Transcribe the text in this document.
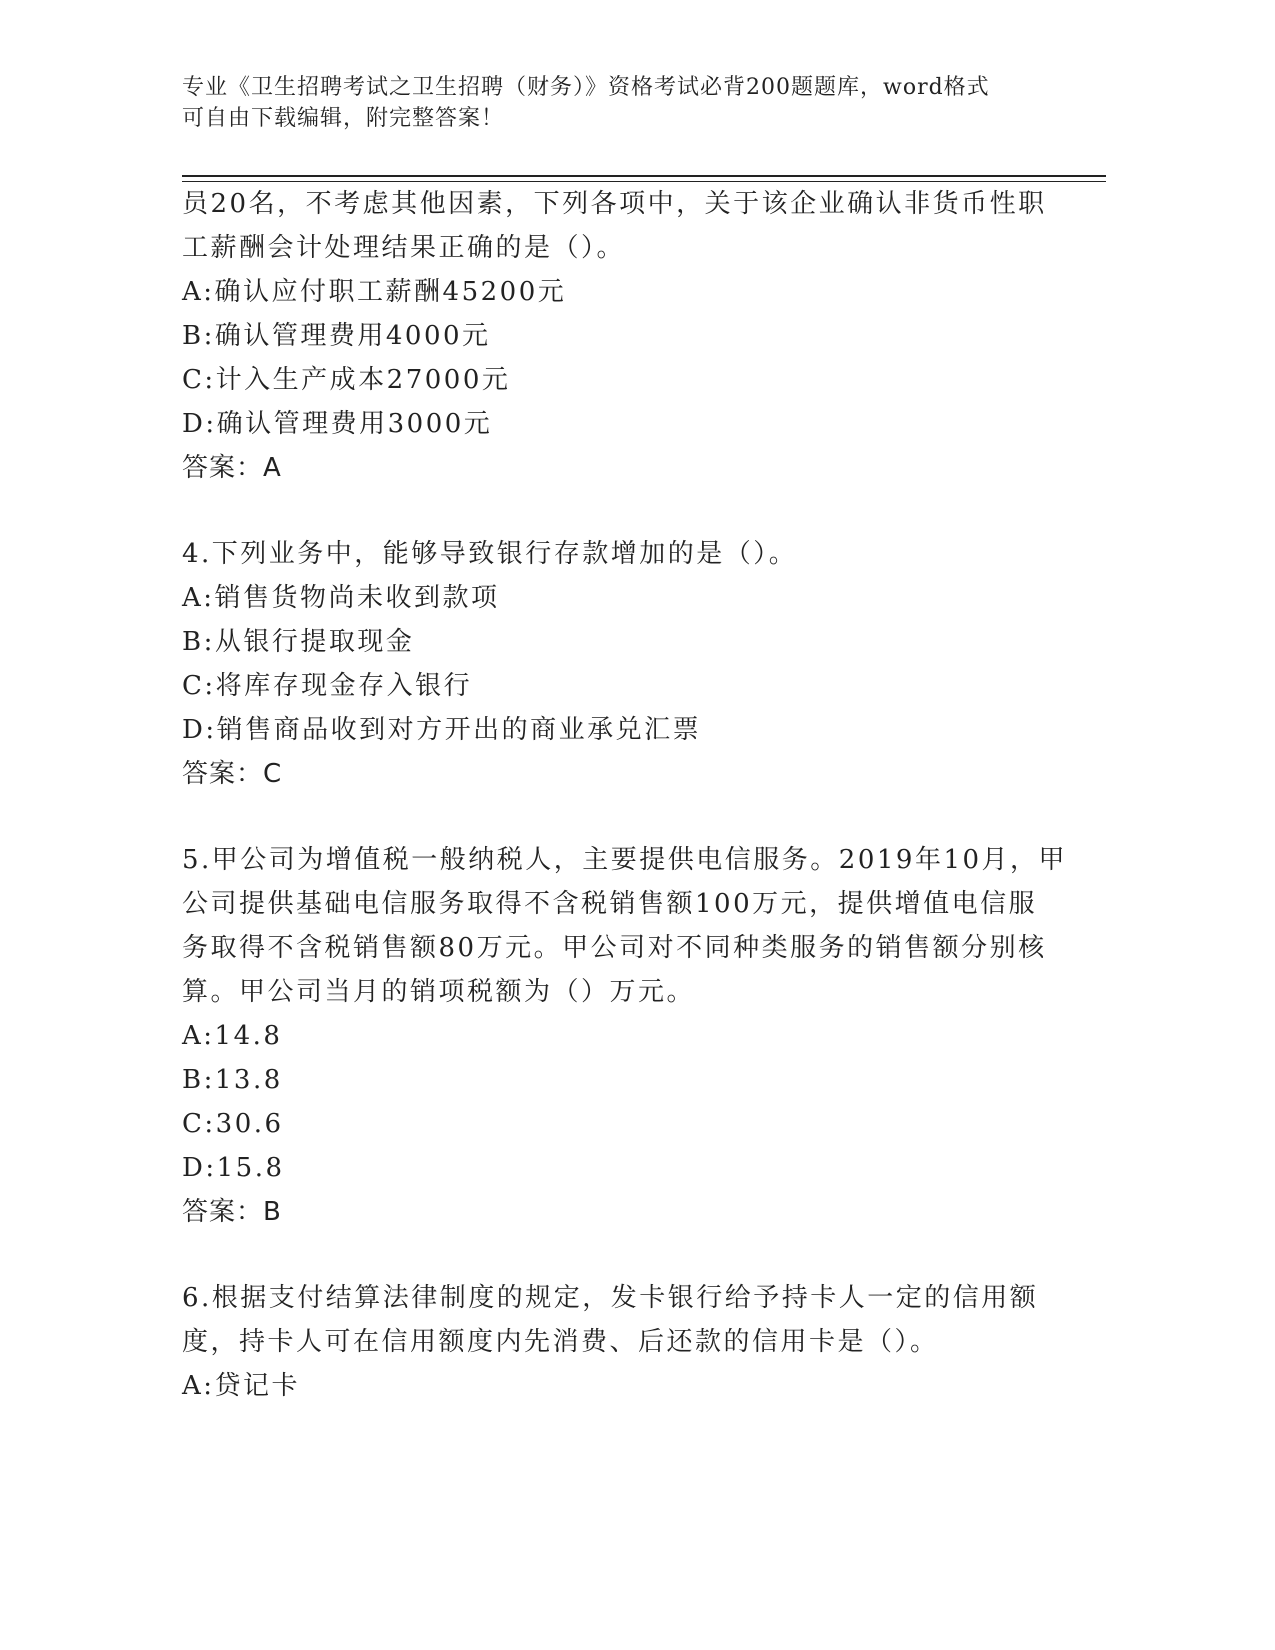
专业《卫生招聘考试之卫生招聘（财务）》资格考试必背200题题库，word格式
可自由下载编辑，附完整答案！
员20名，不考虑其他因素，下列各项中，关于该企业确认非货币性职
工薪酬会计处理结果正确的是（）。
A:确认应付职工薪酬45200元
B:确认管理费用4000元
C:计入生产成本27000元
D:确认管理费用3000元
答案：A
4.下列业务中，能够导致银行存款增加的是（）。
A:销售货物尚未收到款项
B:从银行提取现金
C:将库存现金存入银行
D:销售商品收到对方开出的商业承兑汇票
答案：C
5.甲公司为增值税一般纳税人，主要提供电信服务。2019年10月，甲
公司提供基础电信服务取得不含税销售额100万元，提供增值电信服
务取得不含税销售额80万元。甲公司对不同种类服务的销售额分别核
算。甲公司当月的销项税额为（）万元。
A:14.8
B:13.8
C:30.6
D:15.8
答案：B
6.根据支付结算法律制度的规定，发卡银行给予持卡人一定的信用额
度，持卡人可在信用额度内先消费、后还款的信用卡是（）。
A:贷记卡
